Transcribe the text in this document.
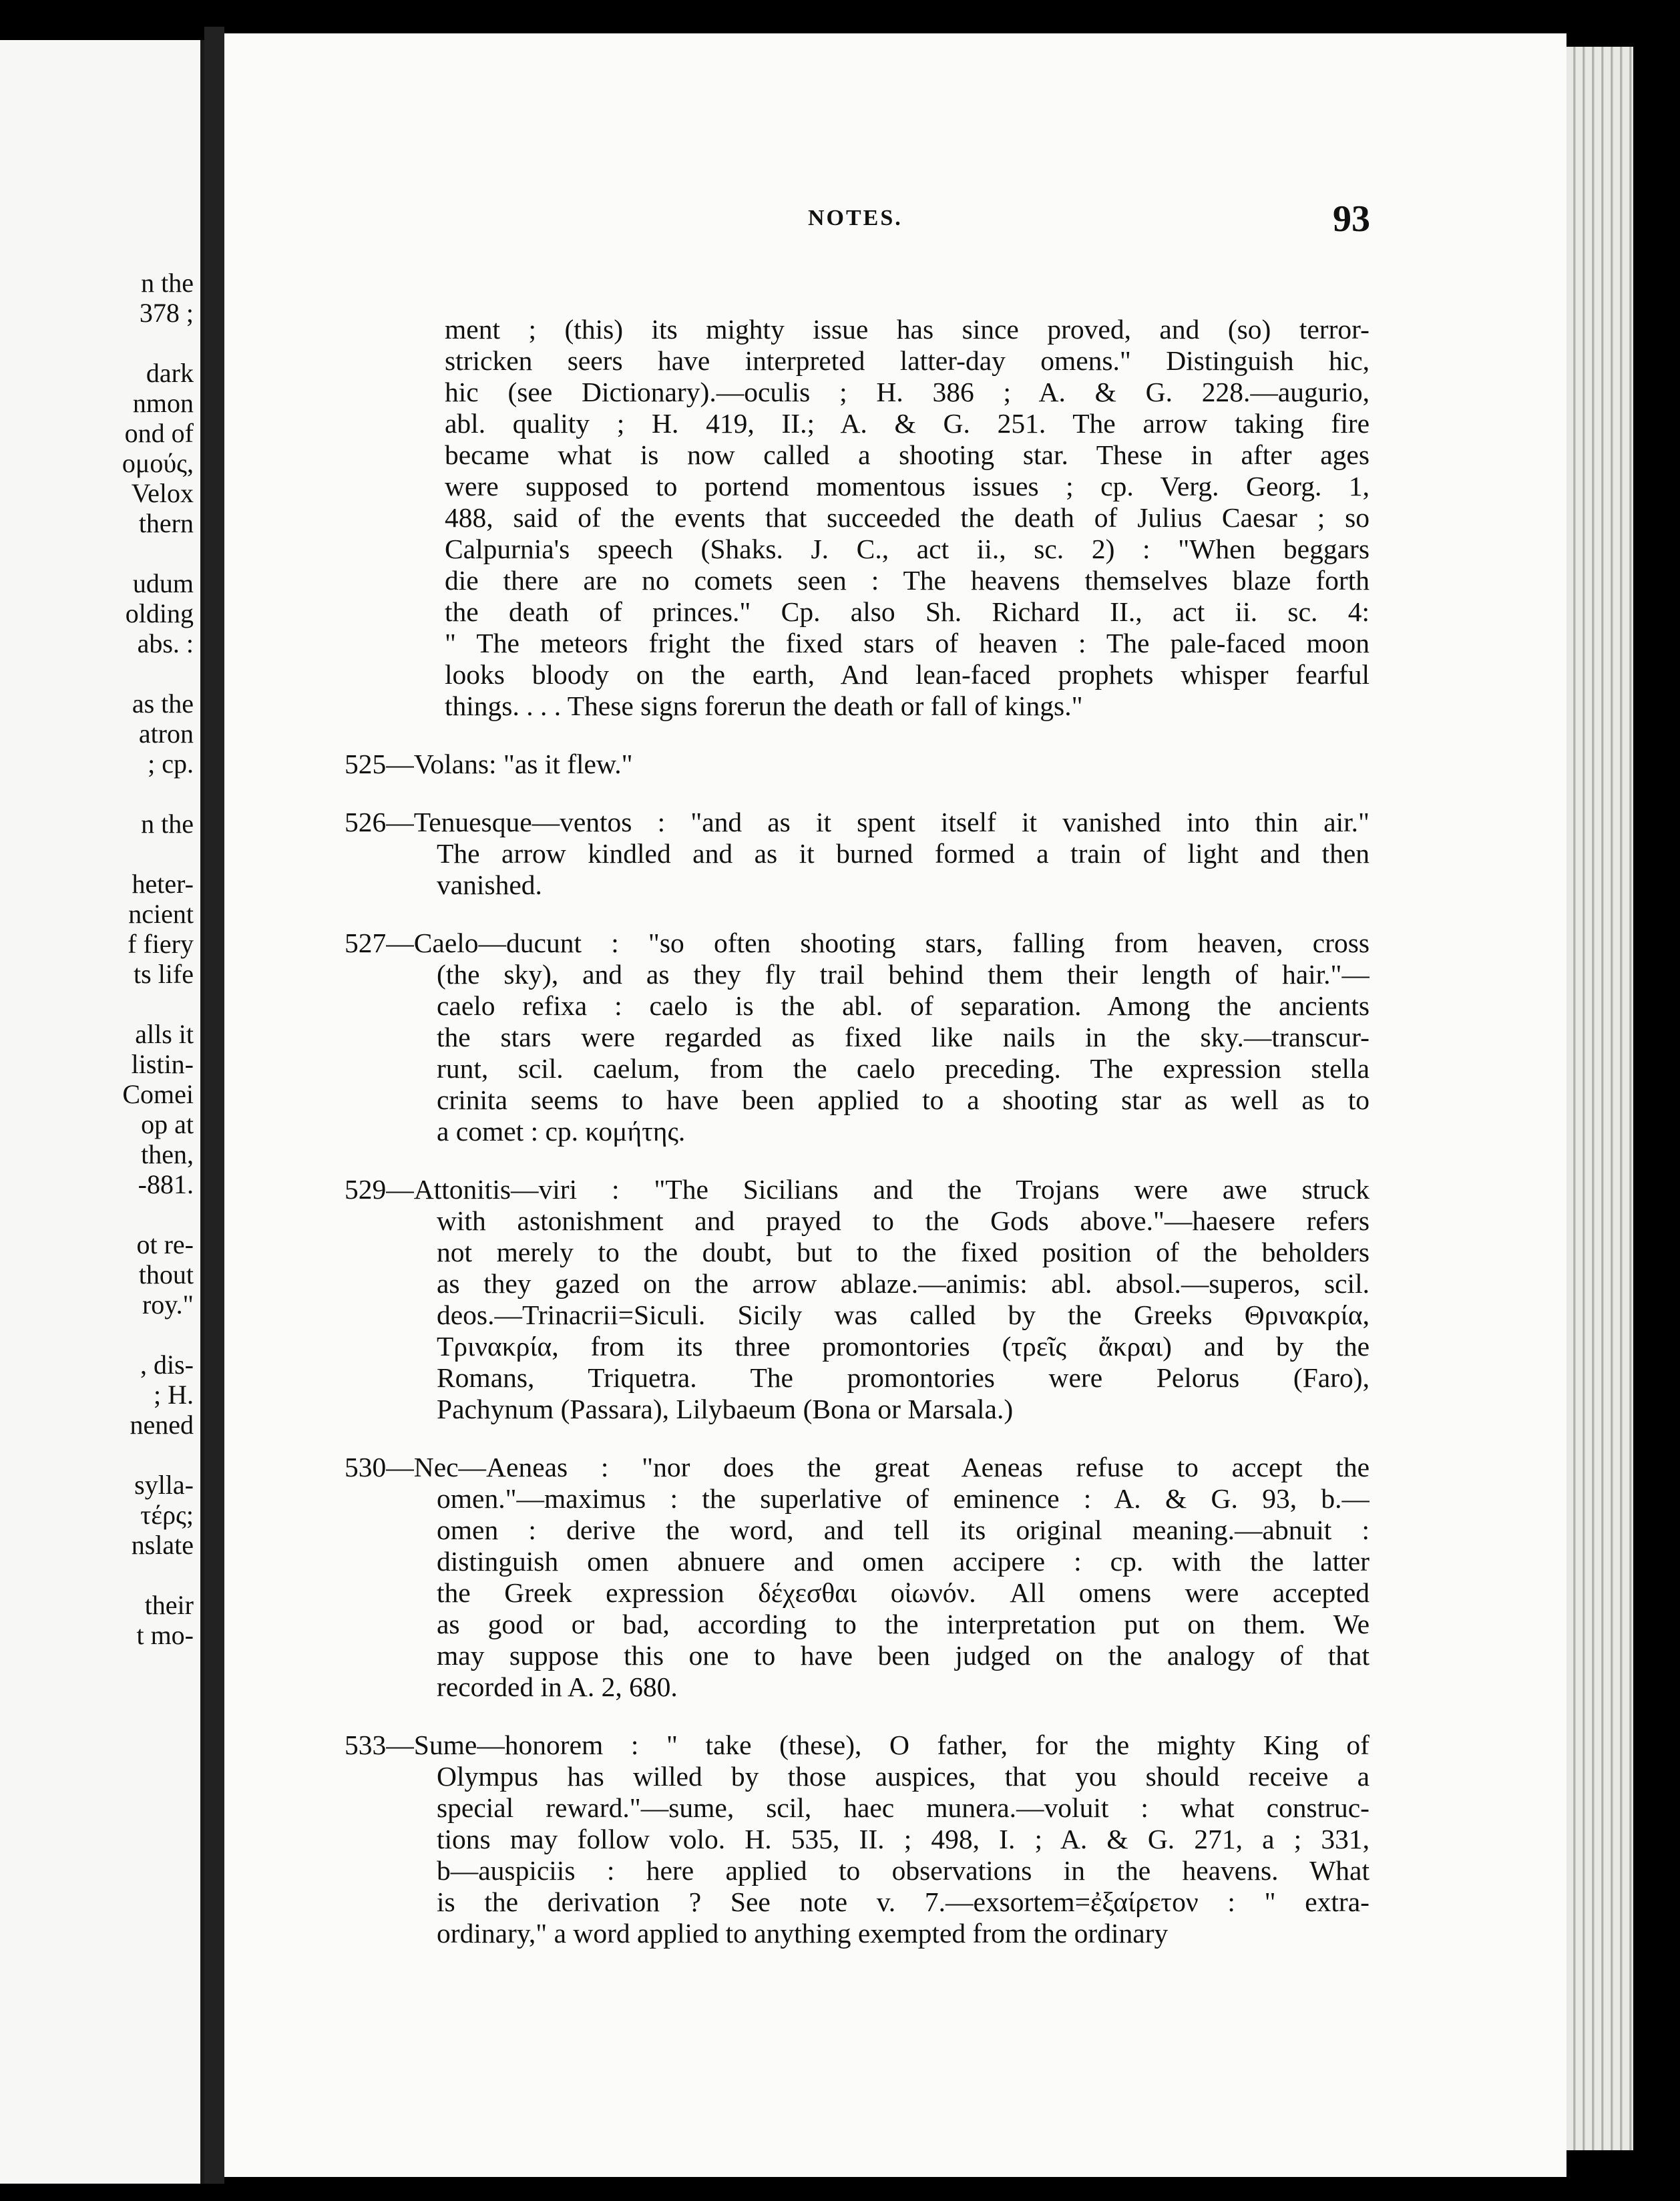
n the
378 ;
dark
nmon
ond of
ομούς,
Velox
thern
udum
olding
abs. :
as the
atron
; cp.
n the
heter-
ncient
f fiery
ts life
alls it
listin-
Comei
op at
then,
-881.
ot re-
thout
roy."
, dis-
; H.
nened
sylla-
τέρς;
nslate
their
t mo-
NOTES.	93
ment ; (this) its mighty issue has since proved, and (so) terror-
stricken seers have interpreted latter-day omens." Distinguish hic,
hic (see Dictionary).—oculis ; H. 386 ; A. & G. 228.—augurio,
abl. quality ; H. 419, II.; A. & G. 251. The arrow taking fire
became what is now called a shooting star. These in after ages
were supposed to portend momentous issues ; cp. Verg. Georg. 1,
488, said of the events that succeeded the death of Julius Caesar ; so
Calpurnia's speech (Shaks. J. C., act ii., sc. 2) : "When beggars
die there are no comets seen : The heavens themselves blaze forth
the death of princes." Cp. also Sh. Richard II., act ii. sc. 4:
" The meteors fright the fixed stars of heaven : The pale-faced moon
looks bloody on the earth, And lean-faced prophets whisper fearful
things. . . . These signs forerun the death or fall of kings."
525—Volans: "as it flew."
526—Tenuesque—ventos : "and as it spent itself it vanished into thin air."
The arrow kindled and as it burned formed a train of light and then
vanished.
527—Caelo—ducunt : "so often shooting stars, falling from heaven, cross
(the sky), and as they fly trail behind them their length of hair."—
caelo refixa : caelo is the abl. of separation. Among the ancients
the stars were regarded as fixed like nails in the sky.—transcur-
runt, scil. caelum, from the caelo preceding. The expression stella
crinita seems to have been applied to a shooting star as well as to
a comet : cp. κομήτης.
529—Attonitis—viri : "The Sicilians and the Trojans were awe struck
with astonishment and prayed to the Gods above."—haesere refers
not merely to the doubt, but to the fixed position of the beholders
as they gazed on the arrow ablaze.—animis: abl. absol.—superos, scil.
deos.—Trinacrii=Siculi. Sicily was called by the Greeks Θρινακρία,
Τρινακρία, from its three promontories (τρεῖς ἄκραι) and by the
Romans, Triquetra. The promontories were Pelorus (Faro),
Pachynum (Passara), Lilybaeum (Bona or Marsala.)
530—Nec—Aeneas : "nor does the great Aeneas refuse to accept the
omen."—maximus : the superlative of eminence : A. & G. 93, b.—
omen : derive the word, and tell its original meaning.—abnuit :
distinguish omen abnuere and omen accipere : cp. with the latter
the Greek expression δέχεσθαι οἰωνόν. All omens were accepted
as good or bad, according to the interpretation put on them. We
may suppose this one to have been judged on the analogy of that
recorded in A. 2, 680.
533—Sume—honorem : " take (these), O father, for the mighty King of
Olympus has willed by those auspices, that you should receive a
special reward."—sume, scil, haec munera.—voluit : what construc-
tions may follow volo. H. 535, II. ; 498, I. ; A. & G. 271, a ; 331,
b—auspiciis : here applied to observations in the heavens. What
is the derivation ? See note v. 7.—exsortem=ἐξαίρετον : " extra-
ordinary," a word applied to anything exempted from the ordinary
